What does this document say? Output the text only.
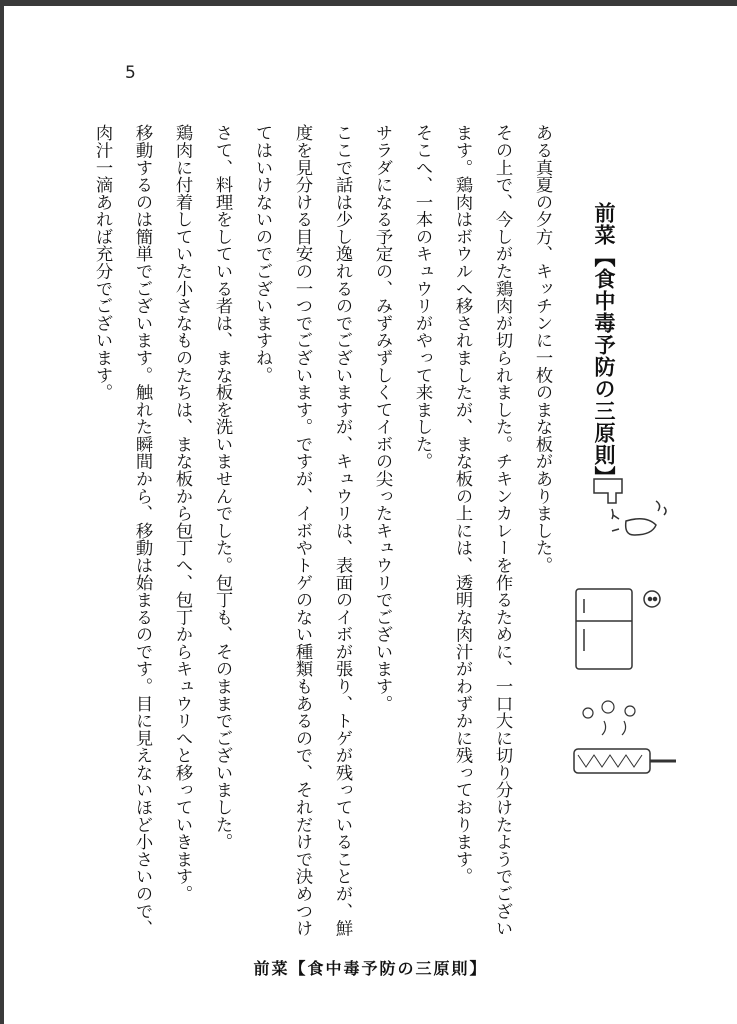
5
前菜【食中毒予防の三原則】

ある真夏の夕方、キッチンに一枚のまな板がありました。

その上で、今しがた鶏肉が切られました。チキンカレーを作るために、一口大に切り分けたようでございます。鶏肉はボウルへ移されましたが、まな板の上には、透明な肉汁がわずかに残っております。

そこへ、一本のキュウリがやって来ました。

サラダになる予定の、みずみずしくてイボの尖ったキュウリでございます。

ここで話は少し逸れるのでございますが、キュウリは、表面のイボが張り、トゲが残っていることが、鮮度を見分ける目安の一つでございます。ですが、イボやトゲのない種類もあるので、それだけで決めつけてはいけないのでございますね。

さて、料理をしている者は、まな板を洗いませんでした。包丁も、そのままでございました。

鶏肉に付着していた小さなものたちは、まな板から包丁へ、包丁からキュウリへと移っていきます。

移動するのは簡単でございます。触れた瞬間から、移動は始まるのです。目に見えないほど小さいので、肉汁一滴あれば充分でございます。

前菜【食中毒予防の三原則】
